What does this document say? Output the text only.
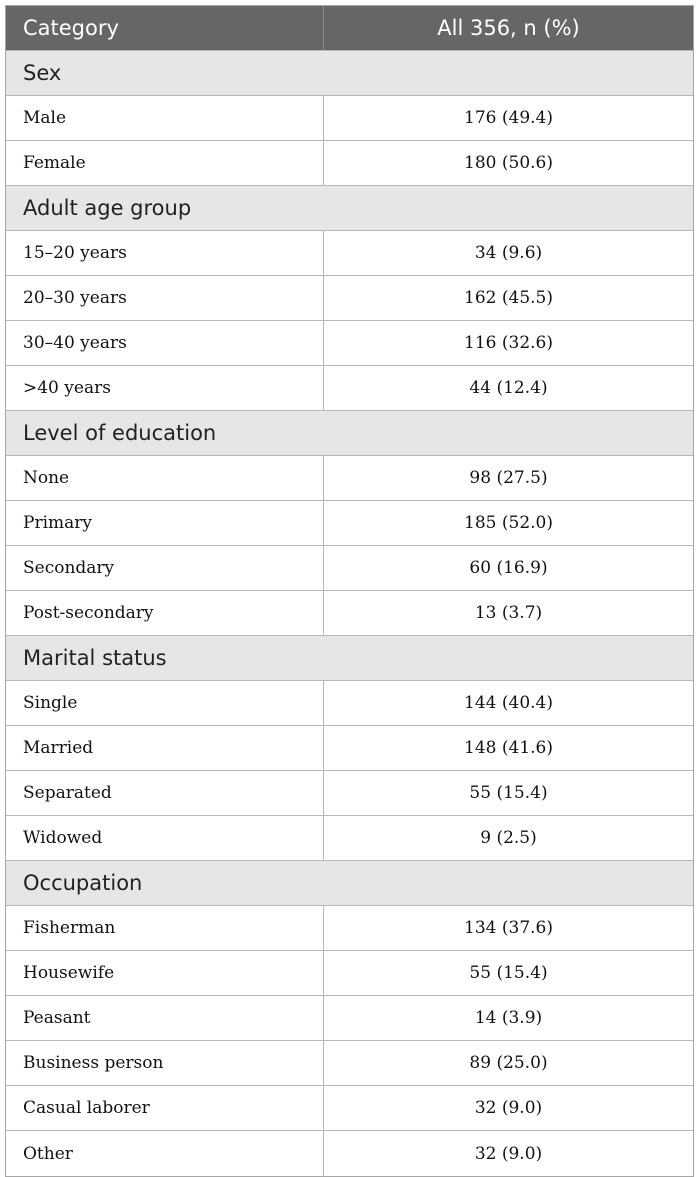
Category	All 356, n (%)
Sex
Male	176 (49.4)
Female	180 (50.6)
Adult age group
15–20 years	34 (9.6)
20–30 years	162 (45.5)
30–40 years	116 (32.6)
>40 years	44 (12.4)
Level of education
None	98 (27.5)
Primary	185 (52.0)
Secondary	60 (16.9)
Post-secondary	13 (3.7)
Marital status
Single	144 (40.4)
Married	148 (41.6)
Separated	55 (15.4)
Widowed	9 (2.5)
Occupation
Fisherman	134 (37.6)
Housewife	55 (15.4)
Peasant	14 (3.9)
Business person	89 (25.0)
Casual laborer	32 (9.0)
Other	32 (9.0)
